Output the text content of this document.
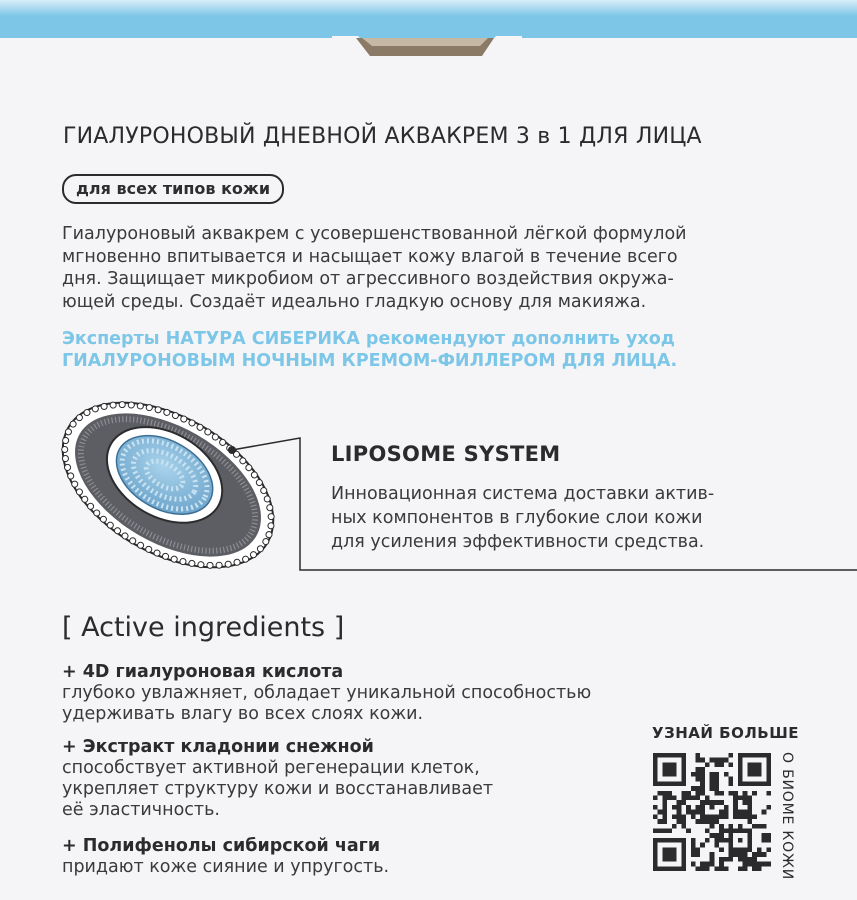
ГИАЛУРОНОВЫЙ ДНЕВНОЙ АКВАКРЕМ 3 в 1 ДЛЯ ЛИЦА
для всех типов кожи
Гиалуроновый аквакрем с усовершенствованной лёгкой формулой
мгновенно впитывается и насыщает кожу влагой в течение всего
дня. Защищает микробиом от агрессивного воздействия окружа-
ющей среды. Создаёт идеально гладкую основу для макияжа.
Эксперты НАТУРА СИБЕРИКА рекомендуют дополнить уход
ГИАЛУРОНОВЫМ НОЧНЫМ КРЕМОМ-ФИЛЛЕРОМ ДЛЯ ЛИЦА.
LIPOSOME SYSTEM
Инновационная система доставки актив-
ных компонентов в глубокие слои кожи
для усиления эффективности средства.
[ Active ingredients ]
+ 4D гиалуроновая кислота
глубоко увлажняет, обладает уникальной способностью
удерживать влагу во всех слоях кожи.
+ Экстракт кладонии снежной
способствует активной регенерации клеток,
укрепляет структуру кожи и восстанавливает
её эластичность.
+ Полифенолы сибирской чаги
придают коже сияние и упругость.
УЗНАЙ БОЛЬШЕ
О БИОМЕ КОЖИ
